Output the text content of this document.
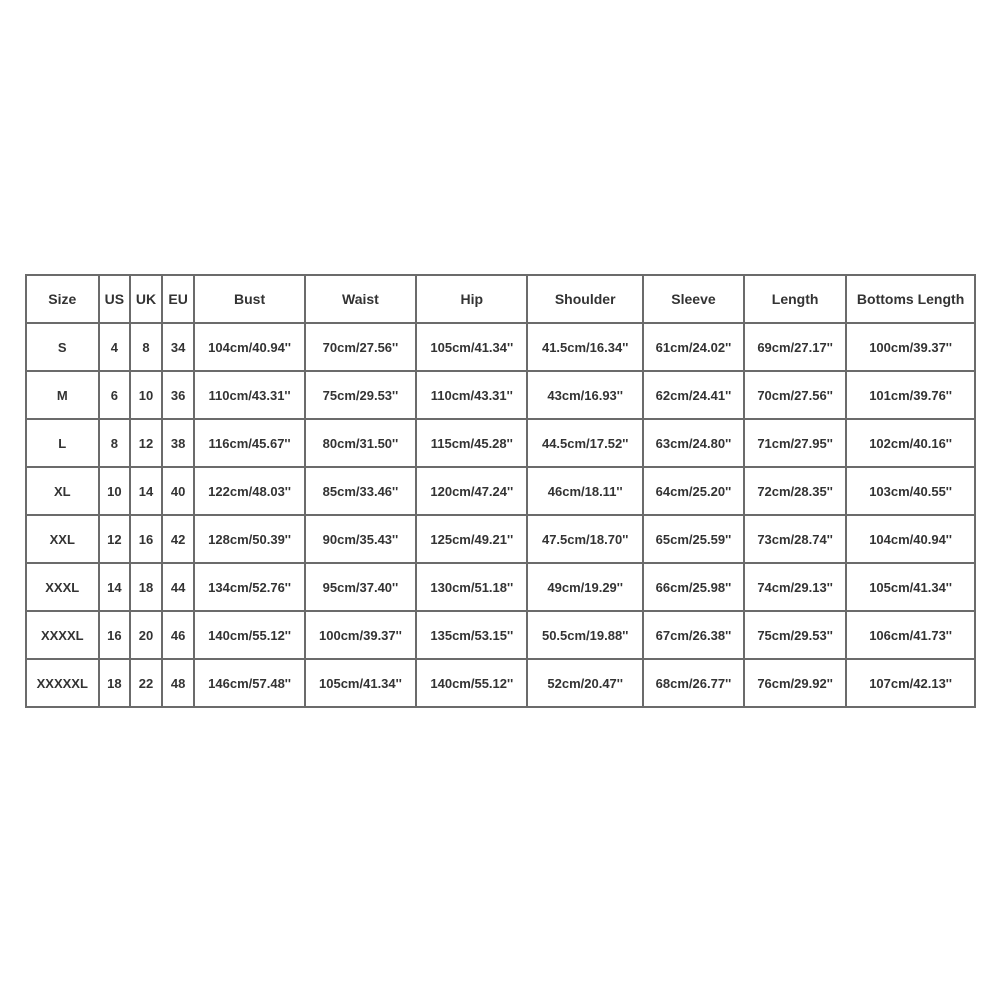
Size	US	UK	EU	Bust	Waist	Hip	Shoulder	Sleeve	Length	Bottoms Length
S	4	8	34	104cm/40.94''	70cm/27.56''	105cm/41.34''	41.5cm/16.34''	61cm/24.02''	69cm/27.17''	100cm/39.37''
M	6	10	36	110cm/43.31''	75cm/29.53''	110cm/43.31''	43cm/16.93''	62cm/24.41''	70cm/27.56''	101cm/39.76''
L	8	12	38	116cm/45.67''	80cm/31.50''	115cm/45.28''	44.5cm/17.52''	63cm/24.80''	71cm/27.95''	102cm/40.16''
XL	10	14	40	122cm/48.03''	85cm/33.46''	120cm/47.24''	46cm/18.11''	64cm/25.20''	72cm/28.35''	103cm/40.55''
XXL	12	16	42	128cm/50.39''	90cm/35.43''	125cm/49.21''	47.5cm/18.70''	65cm/25.59''	73cm/28.74''	104cm/40.94''
XXXL	14	18	44	134cm/52.76''	95cm/37.40''	130cm/51.18''	49cm/19.29''	66cm/25.98''	74cm/29.13''	105cm/41.34''
XXXXL	16	20	46	140cm/55.12''	100cm/39.37''	135cm/53.15''	50.5cm/19.88''	67cm/26.38''	75cm/29.53''	106cm/41.73''
XXXXXL	18	22	48	146cm/57.48''	105cm/41.34''	140cm/55.12''	52cm/20.47''	68cm/26.77''	76cm/29.92''	107cm/42.13''
